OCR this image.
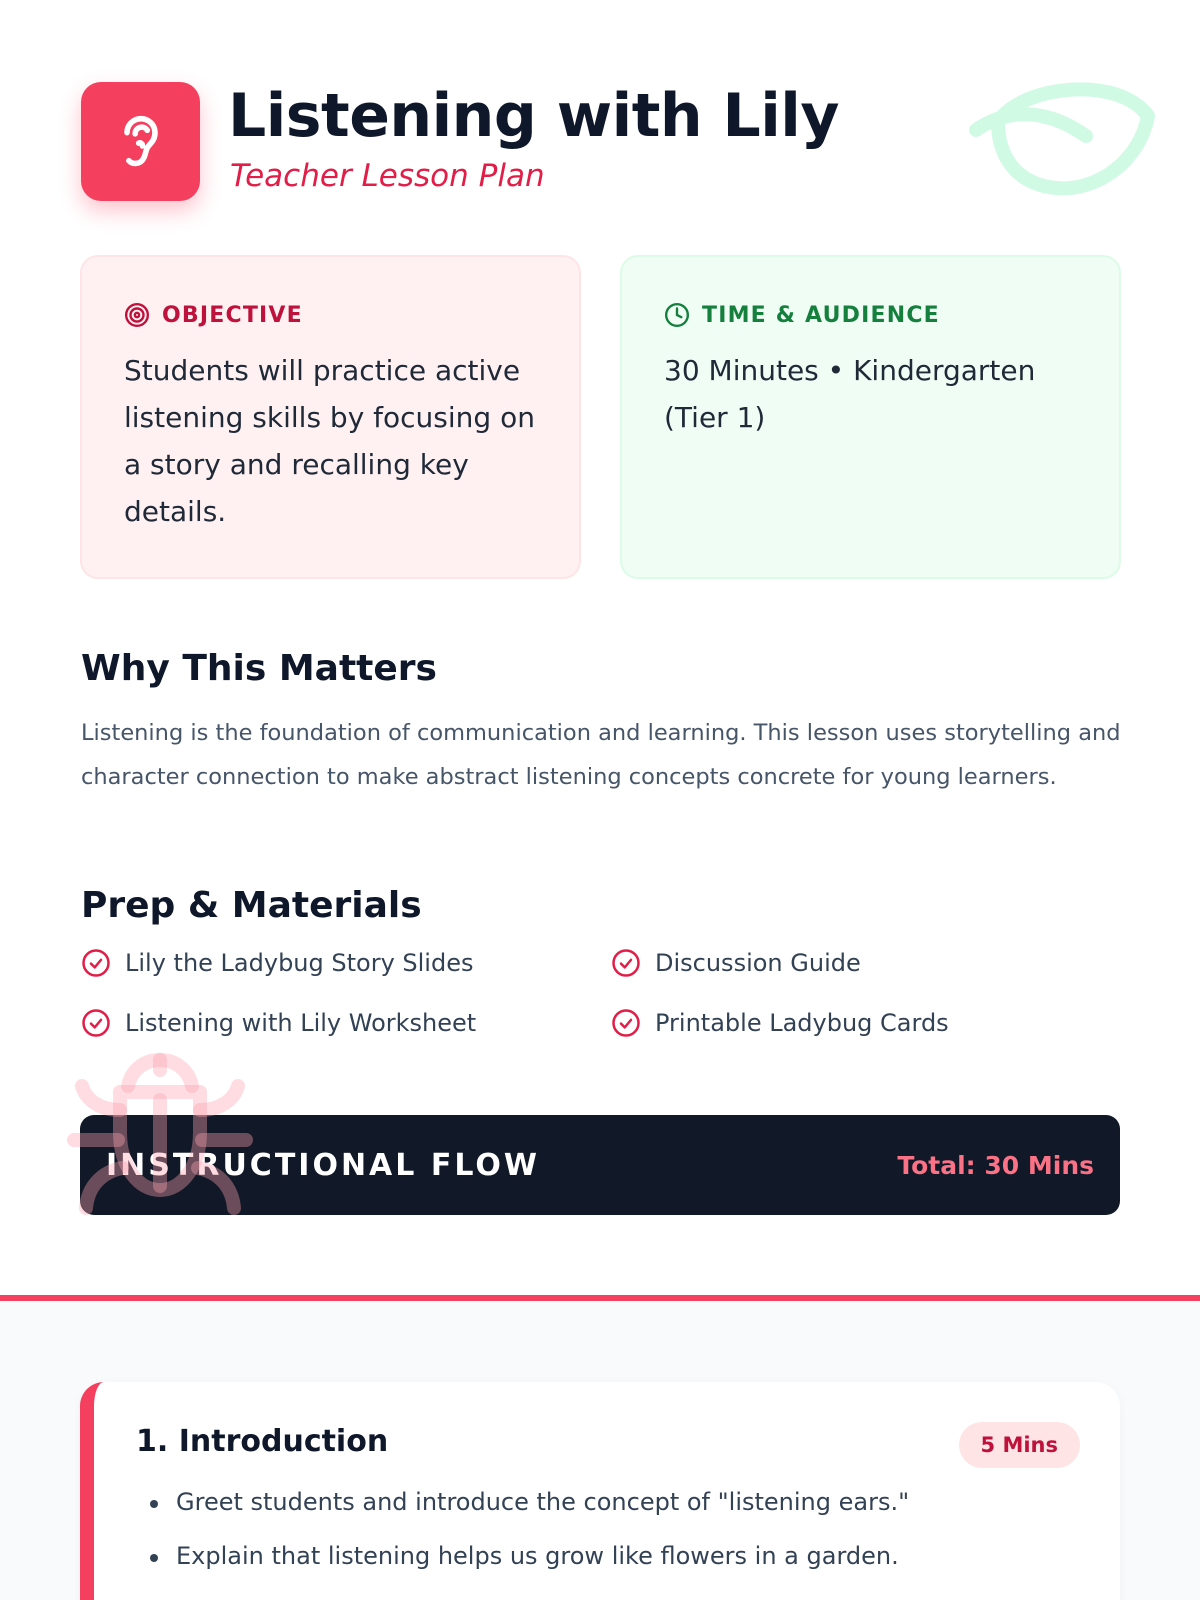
Listening with Lily
Teacher Lesson Plan
OBJECTIVE
Students will practice active listening skills by focusing on a story and recalling key details.
TIME & AUDIENCE
30 Minutes • Kindergarten (Tier 1)
Why This Matters
Listening is the foundation of communication and learning. This lesson uses storytelling and character connection to make abstract listening concepts concrete for young learners.
Prep & Materials
Lily the Ladybug Story Slides	Discussion Guide
Listening with Lily Worksheet	Printable Ladybug Cards
INSTRUCTIONAL FLOW	Total: 30 Mins
1. Introduction	5 Mins
Greet students and introduce the concept of "listening ears."
Explain that listening helps us grow like flowers in a garden.
